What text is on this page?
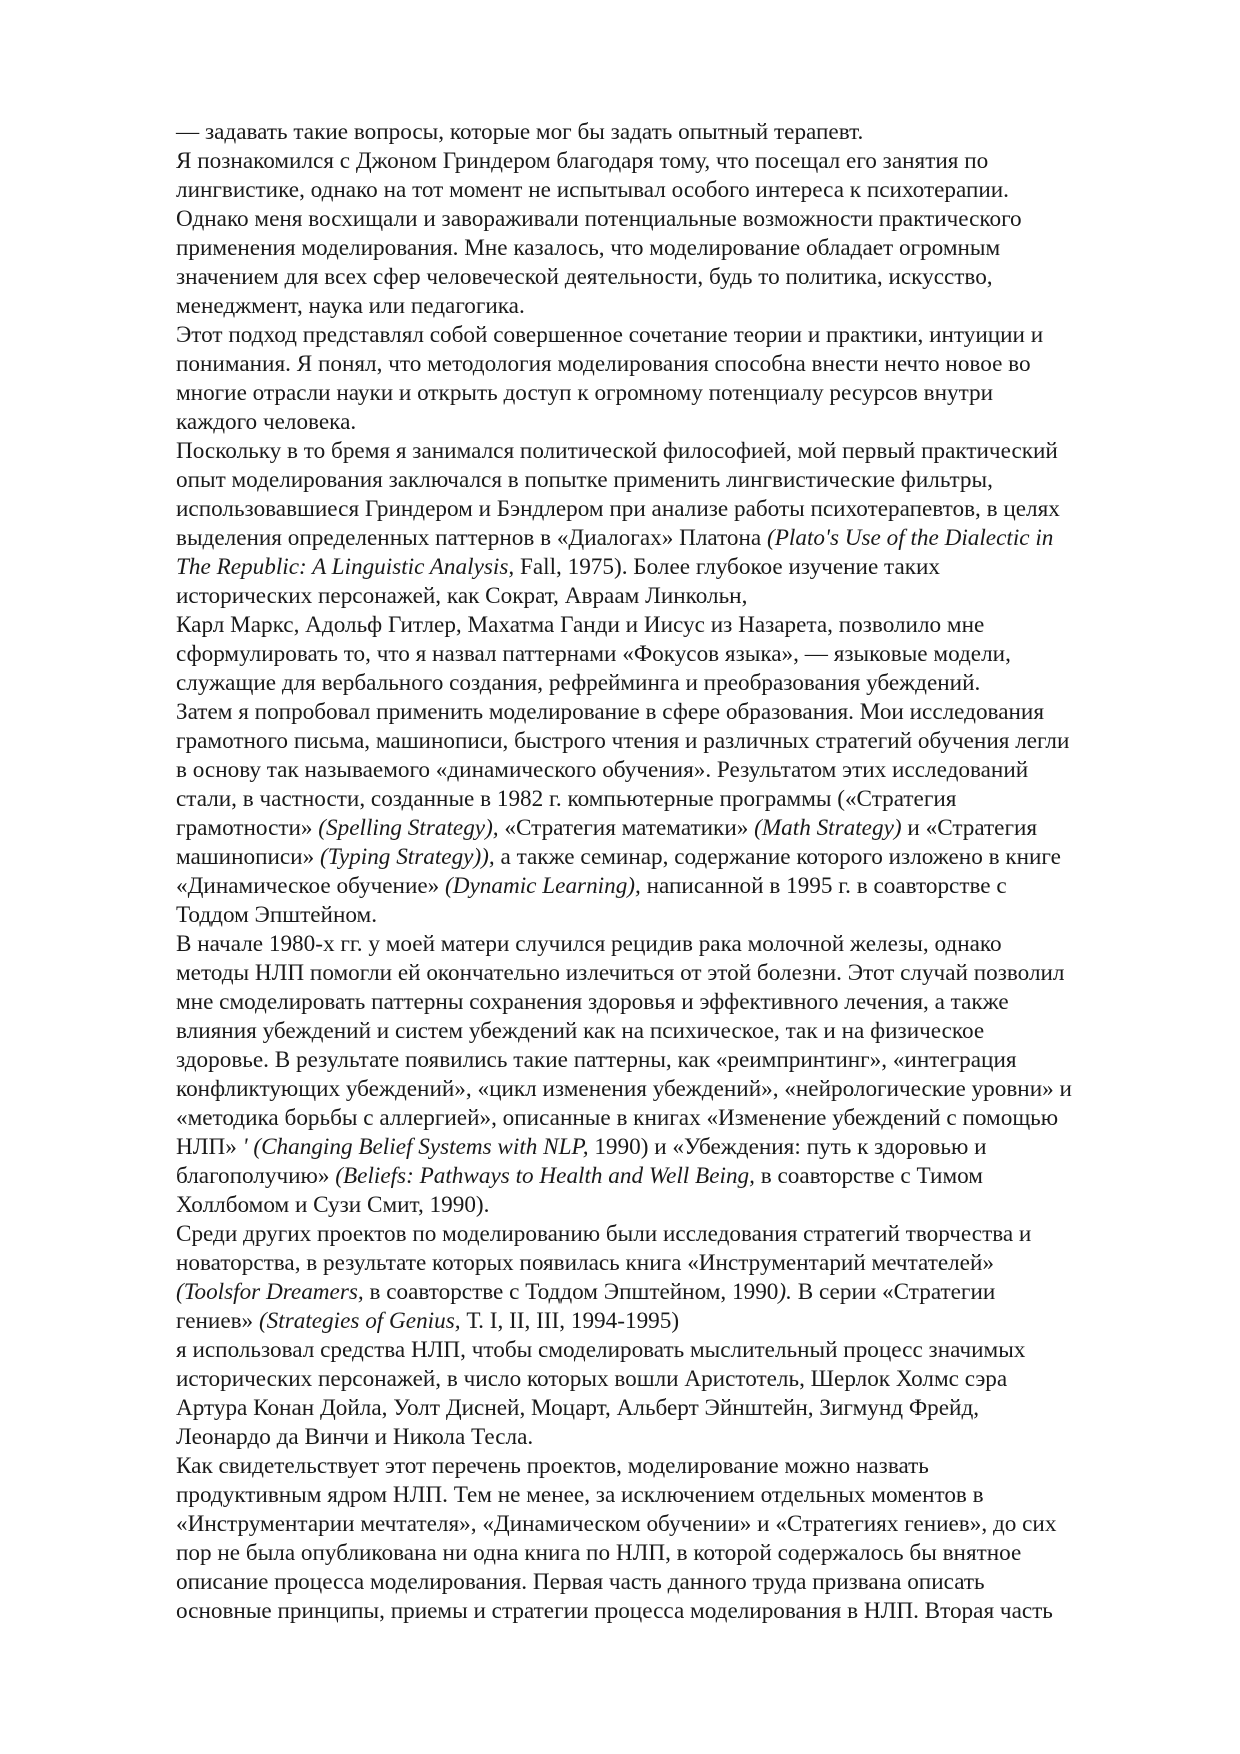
— задавать такие вопросы, которые мог бы задать опытный терапевт.
Я познакомился с Джоном Гриндером благодаря тому, что посещал его занятия по
лингвистике, однако на тот момент не испытывал особого интереса к психотерапии.
Однако меня восхищали и завораживали потенциальные возможности практического
применения моделирования. Мне казалось, что моделирование обладает огромным
значением для всех сфер человеческой деятельности, будь то политика, искусство,
менеджмент, наука или педагогика.
Этот подход представлял собой совершенное сочетание теории и практики, интуиции и
понимания. Я понял, что методология моделирования способна внести нечто новое во
многие отрасли науки и открыть доступ к огромному потенциалу ресурсов внутри
каждого человека.
Поскольку в то бремя я занимался политической философией, мой первый практический
опыт моделирования заключался в попытке применить лингвистические фильтры,
использовавшиеся Гриндером и Бэндлером при анализе работы психотерапевтов, в целях
выделения определенных паттернов в «Диалогах» Платона (Plato's Use of the Dialectic in
The Republic: A Linguistic Analysis, Fall, 1975). Более глубокое изучение таких
исторических персонажей, как Сократ, Авраам Линкольн,
Карл Маркс, Адольф Гитлер, Махатма Ганди и Иисус из Назарета, позволило мне
сформулировать то, что я назвал паттернами «Фокусов языка», — языковые модели,
служащие для вербального создания, рефрейминга и преобразования убеждений.
Затем я попробовал применить моделирование в сфере образования. Мои исследования
грамотного письма, машинописи, быстрого чтения и различных стратегий обучения легли
в основу так называемого «динамического обучения». Результатом этих исследований
стали, в частности, созданные в 1982 г. компьютерные программы («Стратегия
грамотности» (Spelling Strategy), «Стратегия математики» (Math Strategy) и «Стратегия
машинописи» (Typing Strategy)), а также семинар, содержание которого изложено в книге
«Динамическое обучение» (Dynamic Learning), написанной в 1995 г. в соавторстве с
Тоддом Эпштейном.
В начале 1980-х гг. у моей матери случился рецидив рака молочной железы, однако
методы НЛП помогли ей окончательно излечиться от этой болезни. Этот случай позволил
мне смоделировать паттерны сохранения здоровья и эффективного лечения, а также
влияния убеждений и систем убеждений как на психическое, так и на физическое
здоровье. В результате появились такие паттерны, как «реимпринтинг», «интеграция
конфликтующих убеждений», «цикл изменения убеждений», «нейрологические уровни» и
«методика борьбы с аллергией», описанные в книгах «Изменение убеждений с помощью
НЛП» ' (Changing Belief Systems with NLP, 1990) и «Убеждения: путь к здоровью и
благополучию» (Beliefs: Pathways to Health and Well Being, в соавторстве с Тимом
Холлбомом и Сузи Смит, 1990).
Среди других проектов по моделированию были исследования стратегий творчества и
новаторства, в результате которых появилась книга «Инструментарий мечтателей»
(Toolsfor Dreamers, в соавторстве с Тоддом Эпштейном, 1990). В серии «Стратегии
гениев» (Strategies of Genius, Т. I, II, III, 1994-1995)
я использовал средства НЛП, чтобы смоделировать мыслительный процесс значимых
исторических персонажей, в число которых вошли Аристотель, Шерлок Холмс сэра
Артура Конан Дойла, Уолт Дисней, Моцарт, Альберт Эйнштейн, Зигмунд Фрейд,
Леонардо да Винчи и Никола Тесла.
Как свидетельствует этот перечень проектов, моделирование можно назвать
продуктивным ядром НЛП. Тем не менее, за исключением отдельных моментов в
«Инструментарии мечтателя», «Динамическом обучении» и «Стратегиях гениев», до сих
пор не была опубликована ни одна книга по НЛП, в которой содержалось бы внятное
описание процесса моделирования. Первая часть данного труда призвана описать
основные принципы, приемы и стратегии процесса моделирования в НЛП. Вторая часть
